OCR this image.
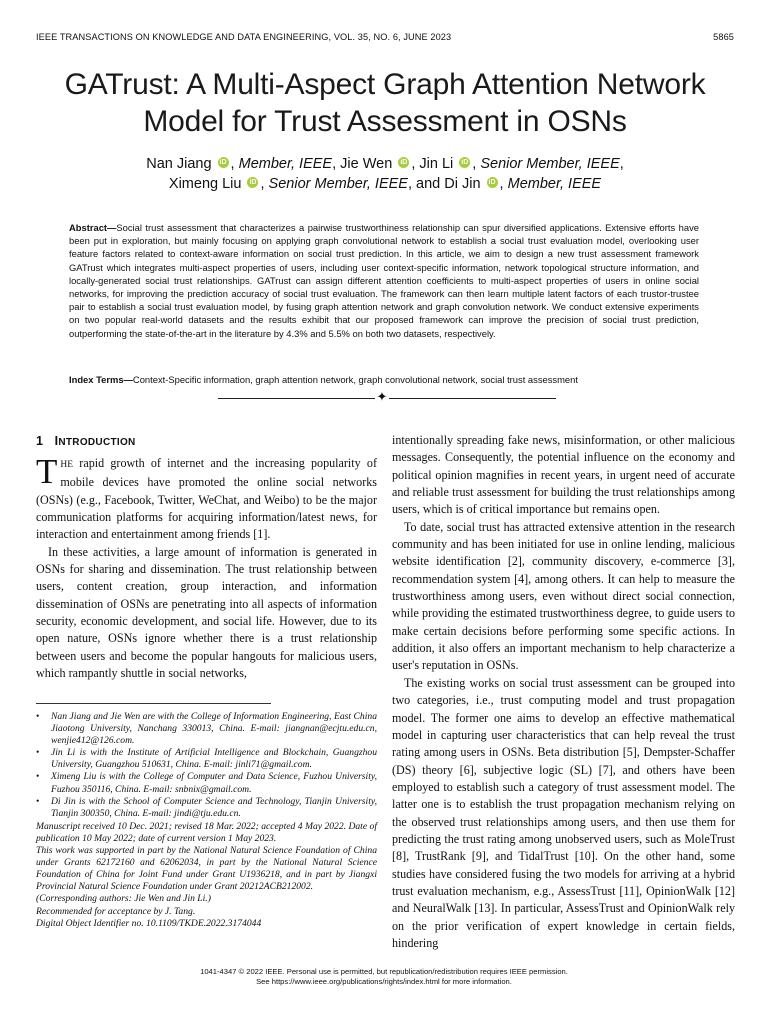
IEEE TRANSACTIONS ON KNOWLEDGE AND DATA ENGINEERING, VOL. 35, NO. 6, JUNE 2023	5865
GATrust: A Multi-Aspect Graph Attention Network Model for Trust Assessment in OSNs
Nan Jiang iD , Member, IEEE, Jie Wen iD , Jin Li iD , Senior Member, IEEE,
Ximeng Liu iD , Senior Member, IEEE, and Di Jin iD , Member, IEEE
Abstract—Social trust assessment that characterizes a pairwise trustworthiness relationship can spur diversified applications. Extensive efforts have been put in exploration, but mainly focusing on applying graph convolutional network to establish a social trust evaluation model, overlooking user feature factors related to context-aware information on social trust prediction. In this article, we aim to design a new trust assessment framework GATrust which integrates multi-aspect properties of users, including user context-specific information, network topological structure information, and locally-generated social trust relationships. GATrust can assign different attention coefficients to multi-aspect properties of users in online social networks, for improving the prediction accuracy of social trust evaluation. The framework can then learn multiple latent factors of each trustor-trustee pair to establish a social trust evaluation model, by fusing graph attention network and graph convolution network. We conduct extensive experiments on two popular real-world datasets and the results exhibit that our proposed framework can improve the precision of social trust prediction, outperforming the state-of-the-art in the literature by 4.3% and 5.5% on both two datasets, respectively.
Index Terms—Context-Specific information, graph attention network, graph convolutional network, social trust assessment
✦
1 INTRODUCTION

THE rapid growth of internet and the increasing popularity of mobile devices have promoted the online social networks (OSNs) (e.g., Facebook, Twitter, WeChat, and Weibo) to be the major communication platforms for acquiring information/latest news, for interaction and entertainment among friends [1].

In these activities, a large amount of information is generated in OSNs for sharing and dissemination. The trust relationship between users, content creation, group interaction, and information dissemination of OSNs are penetrating into all aspects of information security, economic development, and social life. However, due to its open nature, OSNs ignore whether there is a trust relationship between users and become the popular hangouts for malicious users, which rampantly shuttle in social networks,

• Nan Jiang and Jie Wen are with the College of Information Engineering, East China Jiaotong University, Nanchang 330013, China. E-mail: jiangnan@ecjtu.edu.cn, wenjie412@126.com.
• Jin Li is with the Institute of Artificial Intelligence and Blockchain, Guangzhou University, Guangzhou 510631, China. E-mail: jinli71@gmail.com.
• Ximeng Liu is with the College of Computer and Data Science, Fuzhou University, Fuzhou 350116, China. E-mail: snbnix@gmail.com.
• Di Jin is with the School of Computer Science and Technology, Tianjin University, Tianjin 300350, China. E-mail: jindi@tju.edu.cn.
Manuscript received 10 Dec. 2021; revised 18 Mar. 2022; accepted 4 May 2022. Date of publication 10 May 2022; date of current version 1 May 2023.
This work was supported in part by the National Natural Science Foundation of China under Grants 62172160 and 62062034, in part by the National Natural Science Foundation of China for Joint Fund under Grant U1936218, and in part by Jiangxi Provincial Natural Science Foundation under Grant 20212ACB212002.
(Corresponding authors: Jie Wen and Jin Li.)
Recommended for acceptance by J. Tang.
Digital Object Identifier no. 10.1109/TKDE.2022.3174044

intentionally spreading fake news, misinformation, or other malicious messages. Consequently, the potential influence on the economy and political opinion magnifies in recent years, in urgent need of accurate and reliable trust assessment for building the trust relationships among users, which is of critical importance but remains open.

To date, social trust has attracted extensive attention in the research community and has been initiated for use in online lending, malicious website identification [2], community discovery, e-commerce [3], recommendation system [4], among others. It can help to measure the trustworthiness among users, even without direct social connection, while providing the estimated trustworthiness degree, to guide users to make certain decisions before performing some specific actions. In addition, it also offers an important mechanism to help characterize a user's reputation in OSNs.

The existing works on social trust assessment can be grouped into two categories, i.e., trust computing model and trust propagation model. The former one aims to develop an effective mathematical model in capturing user characteristics that can help reveal the trust rating among users in OSNs. Beta distribution [5], Dempster-Schaffer (DS) theory [6], subjective logic (SL) [7], and others have been employed to establish such a category of trust assessment model. The latter one is to establish the trust propagation mechanism relying on the observed trust relationships among users, and then use them for predicting the trust rating among unobserved users, such as MoleTrust [8], TrustRank [9], and TidalTrust [10]. On the other hand, some studies have considered fusing the two models for arriving at a hybrid trust evaluation mechanism, e.g., AssessTrust [11], OpinionWalk [12] and NeuralWalk [13]. In particular, AssessTrust and OpinionWalk rely on the prior verification of expert knowledge in certain fields, hindering

1041-4347 © 2022 IEEE. Personal use is permitted, but republication/redistribution requires IEEE permission.
See https://www.ieee.org/publications/rights/index.html for more information.
